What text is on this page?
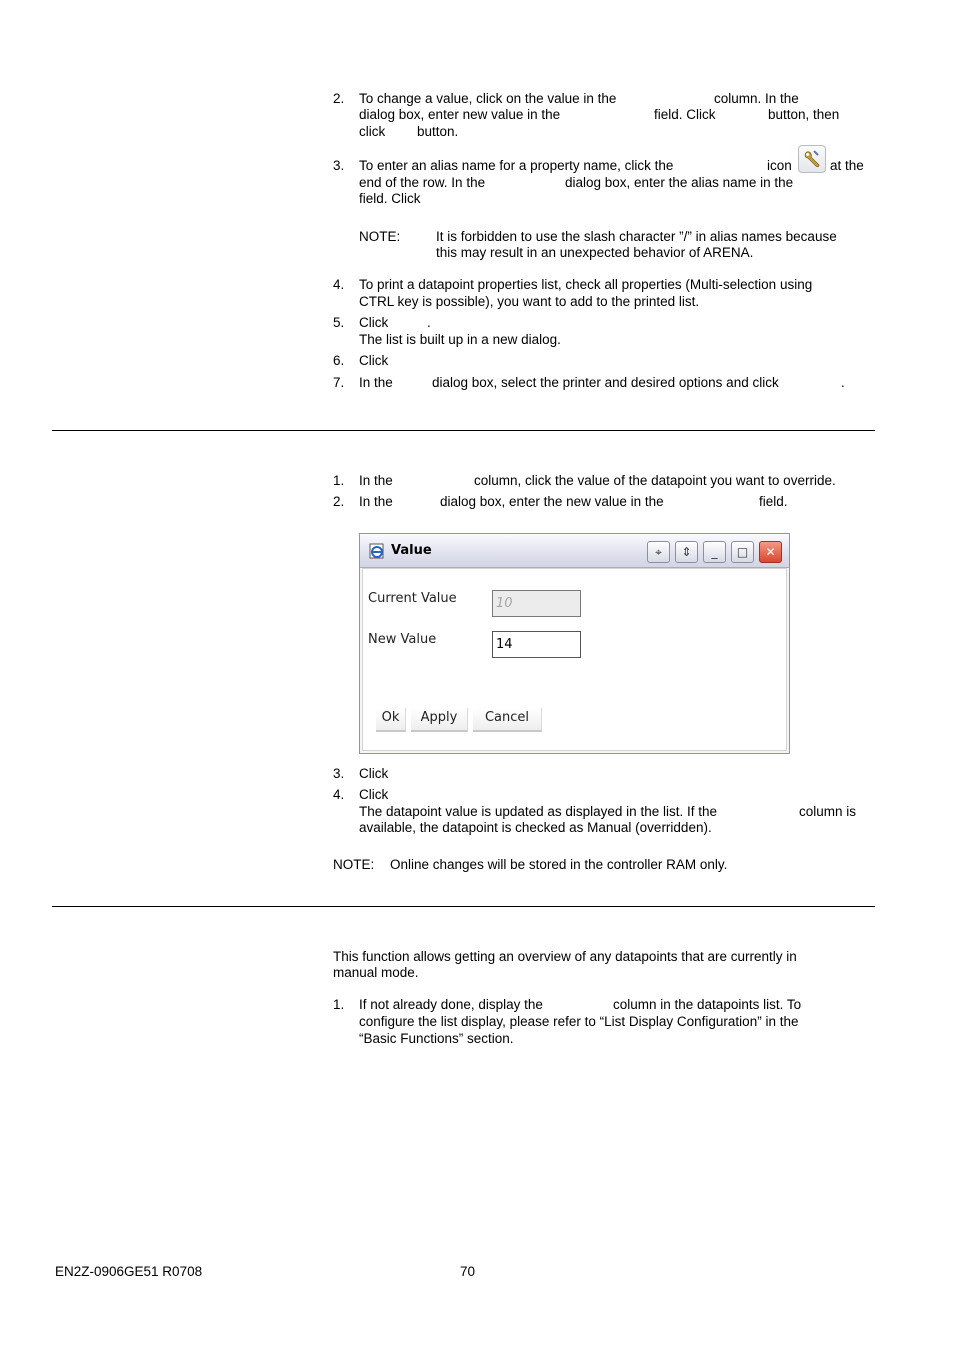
2. To change a value, click on the value in the	column. In the
dialog box, enter new value in the	field. Click	button, then
click button.
3. To enter an alias name for a property name, click the	icon	at the
end of the row. In the	dialog box, enter the alias name in the
field. Click
NOTE:	It is forbidden to use the slash character ”/” in alias names because
this may result in an unexpected behavior of ARENA.
4. To print a datapoint properties list, check all properties (Multi-selection using
CTRL key is possible), you want to add to the printed list.
5. Click	.
The list is built up in a new dialog.
6. Click
7. In the	dialog box, select the printer and desired options and click	.
1. In the	column, click the value of the datapoint you want to override.
2. In the	dialog box, enter the new value in the	field.
Value	⌖	⇕	_	□	✕
Current Value	10
New Value	14
Ok	Apply	Cancel
3. Click
4. Click
The datapoint value is updated as displayed in the list. If the	column is
available, the datapoint is checked as Manual (overridden).
NOTE: Online changes will be stored in the controller RAM only.
This function allows getting an overview of any datapoints that are currently in
manual mode.
1. If not already done, display the	column in the datapoints list. To
configure the list display, please refer to “List Display Configuration” in the
“Basic Functions” section.
EN2Z-0906GE51 R0708	70
